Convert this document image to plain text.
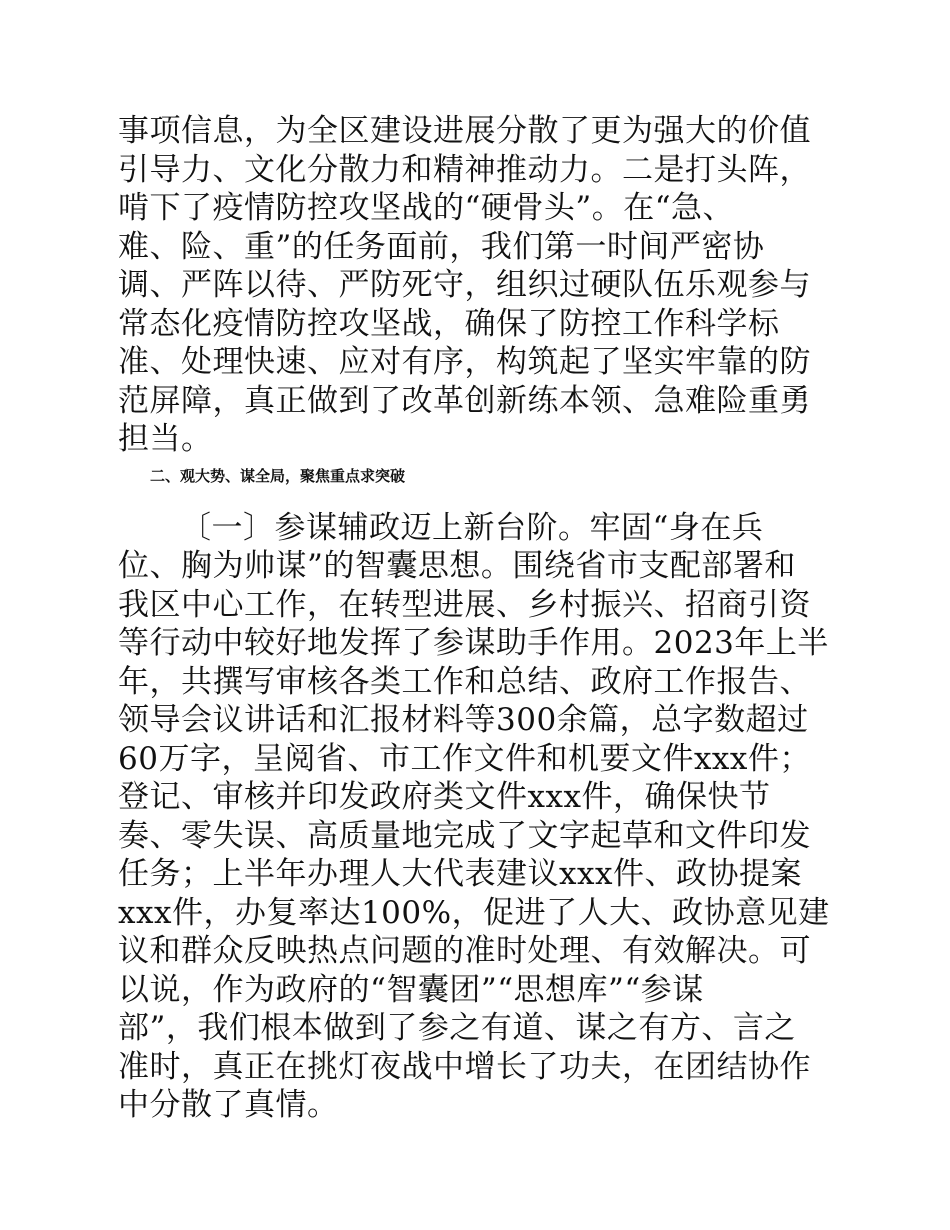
事项信息，为全区建设进展分散了更为强大的价值
引导力、文化分散力和精神推动力。二是打头阵，
啃下了疫情防控攻坚战的“硬骨头”。在“急、
难、险、重”的任务面前，我们第一时间严密协
调、严阵以待、严防死守，组织过硬队伍乐观参与
常态化疫情防控攻坚战，确保了防控工作科学标
准、处理快速、应对有序，构筑起了坚实牢靠的防
范屏障，真正做到了改革创新练本领、急难险重勇
担当。
二、观大势、谋全局，聚焦重点求突破
〔一〕参谋辅政迈上新台阶。牢固“身在兵
位、胸为帅谋”的智囊思想。围绕省市支配部署和
我区中心工作，在转型进展、乡村振兴、招商引资
等行动中较好地发挥了参谋助手作用。2023年上半
年，共撰写审核各类工作和总结、政府工作报告、
领导会议讲话和汇报材料等300余篇，总字数超过
60万字，呈阅省、市工作文件和机要文件xxx件；
登记、审核并印发政府类文件xxx件，确保快节
奏、零失误、高质量地完成了文字起草和文件印发
任务；上半年办理人大代表建议xxx件、政协提案
xxx件，办复率达100%，促进了人大、政协意见建
议和群众反映热点问题的准时处理、有效解决。可
以说，作为政府的“智囊团”“思想库”“参谋
部”，我们根本做到了参之有道、谋之有方、言之
准时，真正在挑灯夜战中增长了功夫，在团结协作
中分散了真情。
